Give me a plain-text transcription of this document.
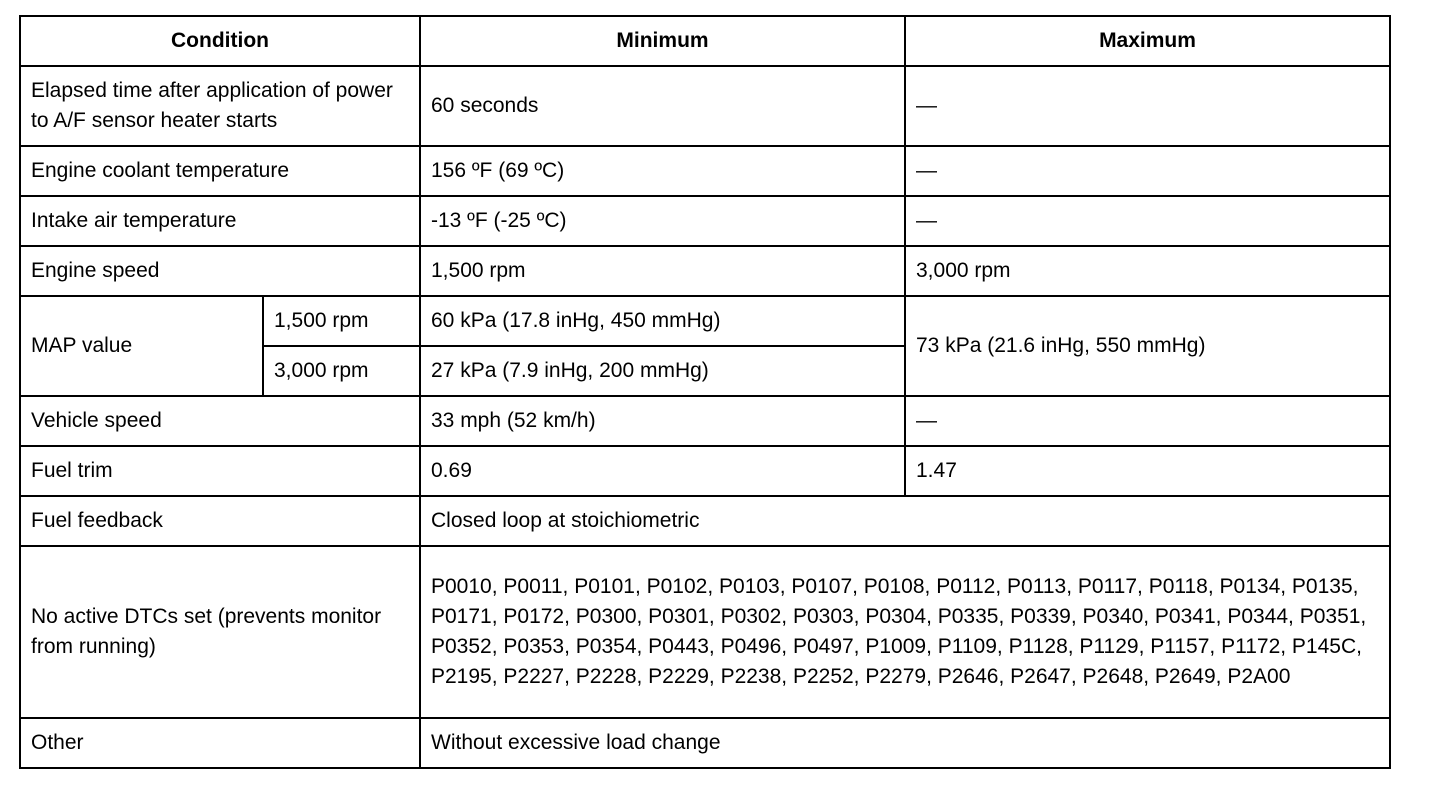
Condition		Minimum	Maximum
Elapsed time after application of power to A/F sensor heater starts		60 seconds	—
Engine coolant temperature		156 ºF (69 ºC)	—
Intake air temperature		-13 ºF (-25 ºC)	—
Engine speed		1,500 rpm	3,000 rpm
MAP value	1,500 rpm	60 kPa (17.8 inHg, 450 mmHg)	73 kPa (21.6 inHg, 550 mmHg)
	3,000 rpm	27 kPa (7.9 inHg, 200 mmHg)	
Vehicle speed		33 mph (52 km/h)	—
Fuel trim		0.69	1.47
Fuel feedback		Closed loop at stoichiometric	
No active DTCs set (prevents monitor from running)		P0010, P0011, P0101, P0102, P0103, P0107, P0108, P0112, P0113, P0117, P0118, P0134, P0135, P0171, P0172, P0300, P0301, P0302, P0303, P0304, P0335, P0339, P0340, P0341, P0344, P0351, P0352, P0353, P0354, P0443, P0496, P0497, P1009, P1109, P1128, P1129, P1157, P1172, P145C, P2195, P2227, P2228, P2229, P2238, P2252, P2279, P2646, P2647, P2648, P2649, P2A00	
Other		Without excessive load change	
